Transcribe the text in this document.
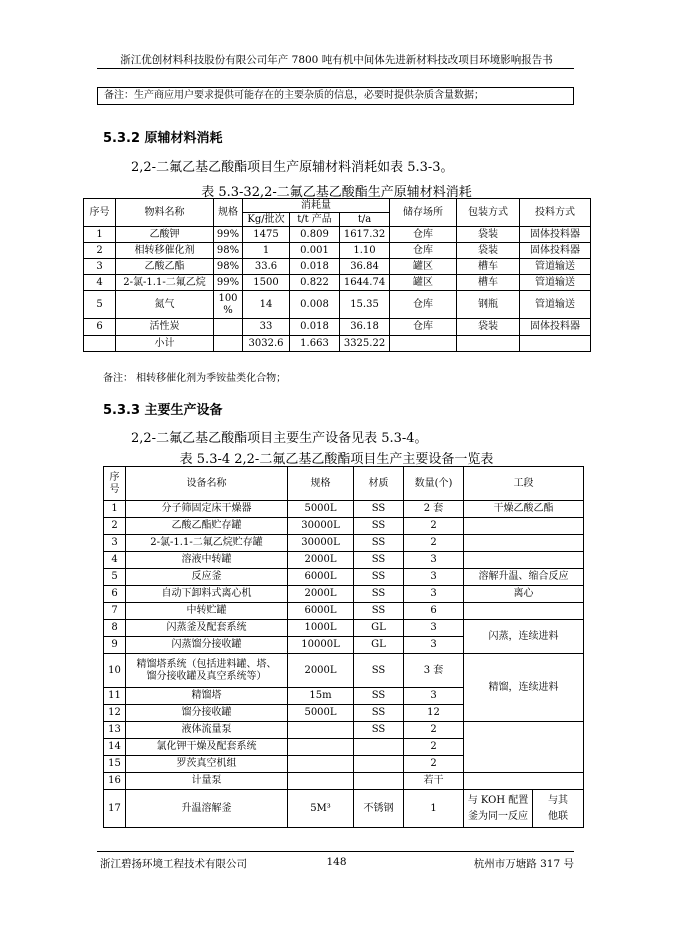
浙江优创材料科技股份有限公司年产 7800 吨有机中间体先进新材料技改项目环境影响报告书
备注：生产商应用户要求提供可能存在的主要杂质的信息，必要时提供杂质含量数据；
5.3.2 原辅材料消耗
2,2-二氟乙基乙酸酯项目生产原辅材料消耗如表 5.3-3。
表 5.3-32,2-二氟乙基乙酸酯生产原辅材料消耗
序号	物料名称	规格	消耗量			储存场所	包装方式	投料方式
			Kg/批次	t/t 产品	t/a			
1	乙酸钾	99%	1475	0.809	1617.32	仓库	袋装	固体投料器
2	相转移催化剂	98%	1	0.001	1.10	仓库	袋装	固体投料器
3	乙酸乙酯	98%	33.6	0.018	36.84	罐区	槽车	管道输送
4	2-氯-1.1-二氟乙烷	99%	1500	0.822	1644.74	罐区	槽车	管道输送
5	氮气	100 %	14	0.008	15.35	仓库	钢瓶	管道输送
6	活性炭		33	0.018	36.18	仓库	袋装	固体投料器
	小计		3032.6	1.663	3325.22			
备注： 相转移催化剂为季铵盐类化合物；
5.3.3 主要生产设备
2,2-二氟乙基乙酸酯项目主要生产设备见表 5.3-4。
表 5.3-4 2,2-二氟乙基乙酸酯项目生产主要设备一览表
序
号	设备名称	规格	材质	数量(个)	工段	
1	分子筛固定床干燥器	5000L	SS	2 套	干燥乙酸乙酯	
2	乙酸乙酯贮存罐	30000L	SS	2		
3	2-氯-1.1-二氟乙烷贮存罐	30000L	SS	2		
4	溶液中转罐	2000L	SS	3		
5	反应釜	6000L	SS	3	溶解升温、缩合反应	
6	自动下卸料式离心机	2000L	SS	3	离心	
7	中转贮罐	6000L	SS	6		
8	闪蒸釜及配套系统	1000L	GL	3	闪蒸，连续进料	
9	闪蒸馏分接收罐	10000L	GL	3		
10	精馏塔系统（包括进料罐、塔、
馏分接收罐及真空系统等）	2000L	SS	3 套	精馏，连续进料	
11	精馏塔	15m	SS	3		
12	馏分接收罐	5000L	SS	12		
13	液体流量泵		SS	2		
14	氯化钾干燥及配套系统			2		
15	罗茨真空机组			2		
16	计量泵			若干		
17	升温溶解釜	5M³	不锈钢	1	与 KOH 配置
釜为同一反应	与其
他联
浙江碧扬环境工程技术有限公司	148	杭州市万塘路 317 号
